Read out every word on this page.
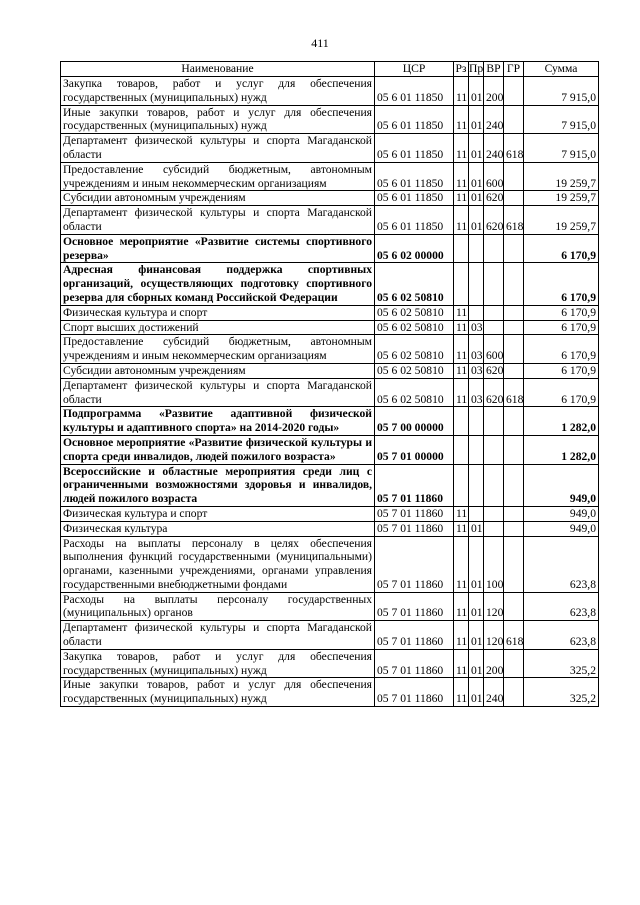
411
Наименование	ЦСР	Рз	Пр	ВР	ГР	Сумма
Закупка товаров, работ и услуг для обеспечения государственных (муниципальных) нужд	05 6 01 11850	11	01	200		7 915,0
Иные закупки товаров, работ и услуг для обеспечения государственных (муниципальных) нужд	05 6 01 11850	11	01	240		7 915,0
Департамент физической культуры и спорта Магаданской области	05 6 01 11850	11	01	240	618	7 915,0
Предоставление субсидий бюджетным, автономным учреждениям и иным некоммерческим организациям	05 6 01 11850	11	01	600		19 259,7
Субсидии автономным учреждениям	05 6 01 11850	11	01	620		19 259,7
Департамент физической культуры и спорта Магаданской области	05 6 01 11850	11	01	620	618	19 259,7
Основное мероприятие «Развитие системы спортивного резерва»	05 6 02 00000					6 170,9
Адресная финансовая поддержка спортивных организаций, осуществляющих подготовку спортивного резерва для сборных команд Российской Федерации	05 6 02 50810					6 170,9
Физическая культура и спорт	05 6 02 50810	11				6 170,9
Спорт высших достижений	05 6 02 50810	11	03			6 170,9
Предоставление субсидий бюджетным, автономным учреждениям и иным некоммерческим организациям	05 6 02 50810	11	03	600		6 170,9
Субсидии автономным учреждениям	05 6 02 50810	11	03	620		6 170,9
Департамент физической культуры и спорта Магаданской области	05 6 02 50810	11	03	620	618	6 170,9
Подпрограмма «Развитие адаптивной физической культуры и адаптивного спорта» на 2014-2020 годы»	05 7 00 00000					1 282,0
Основное мероприятие «Развитие физической культуры и спорта среди инвалидов, людей пожилого возраста»	05 7 01 00000					1 282,0
Всероссийские и областные мероприятия среди лиц с ограниченными возможностями здоровья и инвалидов, людей пожилого возраста	05 7 01 11860					949,0
Физическая культура и спорт	05 7 01 11860	11				949,0
Физическая культура	05 7 01 11860	11	01			949,0
Расходы на выплаты персоналу в целях обеспечения выполнения функций государственными (муниципальными) органами, казенными учреждениями, органами управления государственными внебюджетными фондами	05 7 01 11860	11	01	100		623,8
Расходы на выплаты персоналу государственных (муниципальных) органов	05 7 01 11860	11	01	120		623,8
Департамент физической культуры и спорта Магаданской области	05 7 01 11860	11	01	120	618	623,8
Закупка товаров, работ и услуг для обеспечения государственных (муниципальных) нужд	05 7 01 11860	11	01	200		325,2
Иные закупки товаров, работ и услуг для обеспечения государственных (муниципальных) нужд	05 7 01 11860	11	01	240		325,2
